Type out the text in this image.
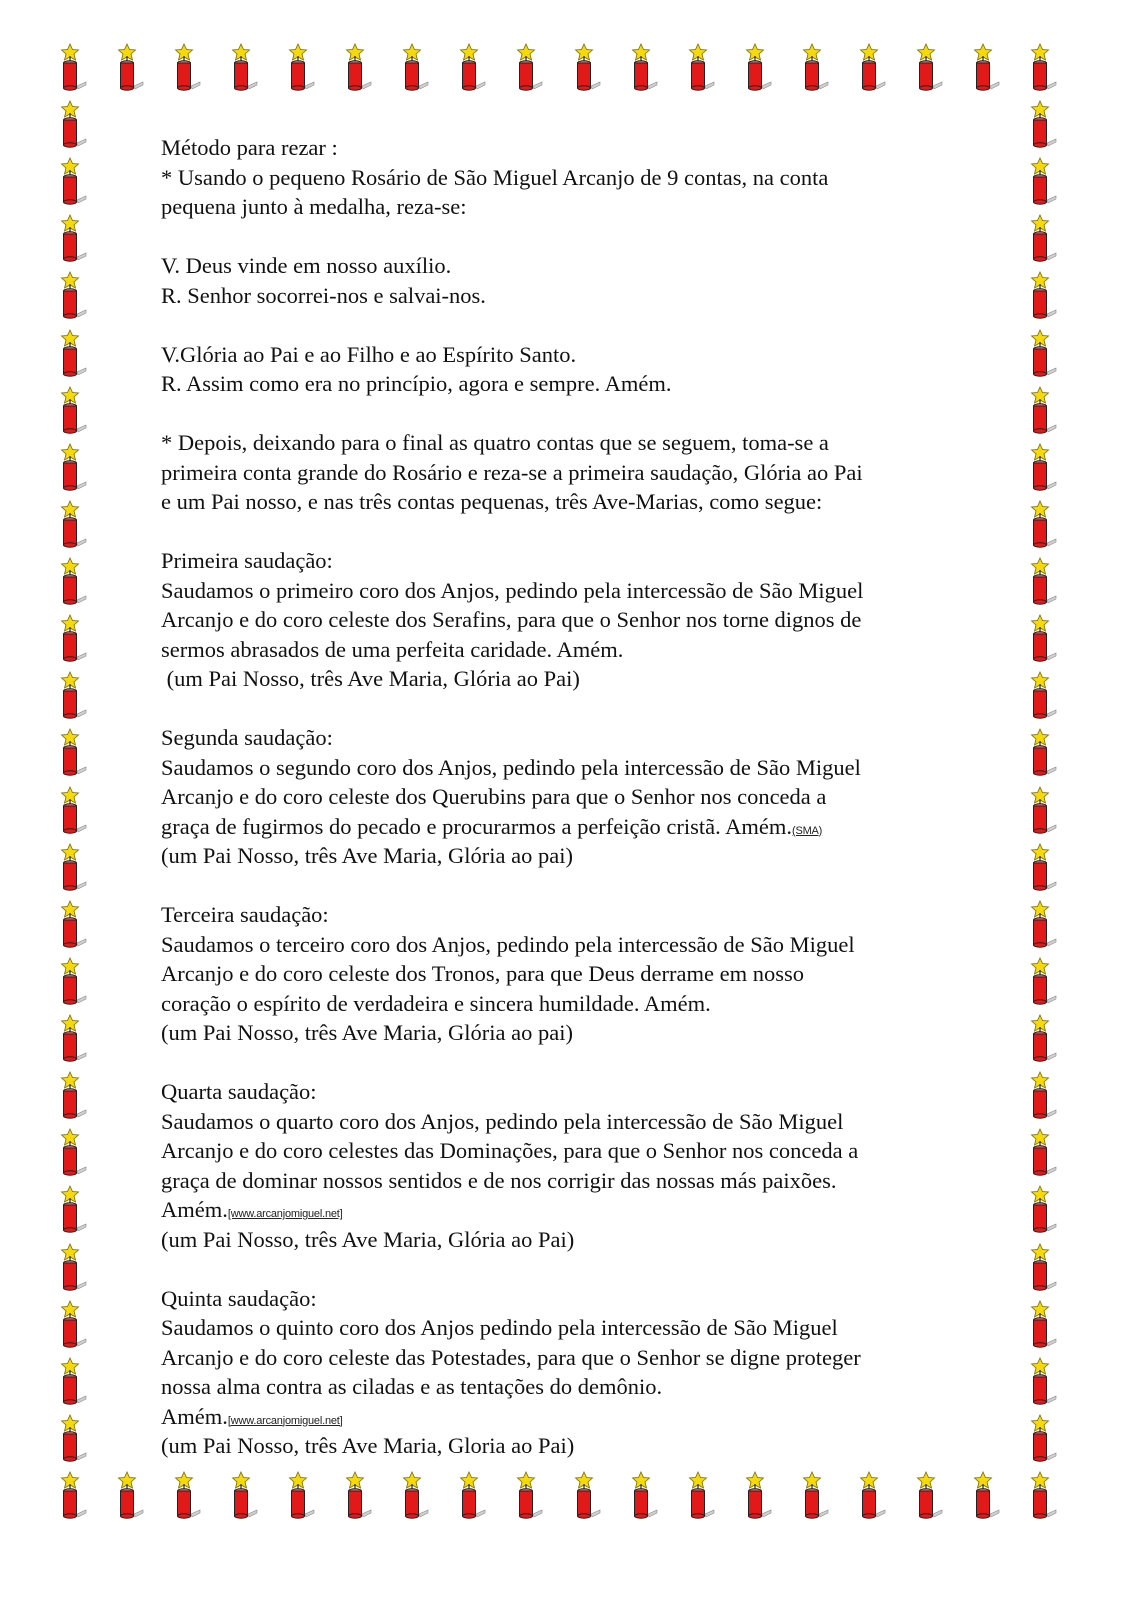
Método para rezar :
* Usando o pequeno Rosário de São Miguel Arcanjo de 9 contas, na conta
pequena junto à medalha, reza-se:
V. Deus vinde em nosso auxílio.
R. Senhor socorrei-nos e salvai-nos.
V.Glória ao Pai e ao Filho e ao Espírito Santo.
R. Assim como era no princípio, agora e sempre. Amém.
* Depois, deixando para o final as quatro contas que se seguem, toma-se a
primeira conta grande do Rosário e reza-se a primeira saudação, Glória ao Pai
e um Pai nosso, e nas três contas pequenas, três Ave-Marias, como segue:
Primeira saudação:
Saudamos o primeiro coro dos Anjos, pedindo pela intercessão de São Miguel
Arcanjo e do coro celeste dos Serafins, para que o Senhor nos torne dignos de
sermos abrasados de uma perfeita caridade. Amém.
(um Pai Nosso, três Ave Maria, Glória ao Pai)
Segunda saudação:
Saudamos o segundo coro dos Anjos, pedindo pela intercessão de São Miguel
Arcanjo e do coro celeste dos Querubins para que o Senhor nos conceda a
graça de fugirmos do pecado e procurarmos a perfeição cristã. Amém.(SMA)
(um Pai Nosso, três Ave Maria, Glória ao pai)
Terceira saudação:
Saudamos o terceiro coro dos Anjos, pedindo pela intercessão de São Miguel
Arcanjo e do coro celeste dos Tronos, para que Deus derrame em nosso
coração o espírito de verdadeira e sincera humildade. Amém.
(um Pai Nosso, três Ave Maria, Glória ao pai)
Quarta saudação:
Saudamos o quarto coro dos Anjos, pedindo pela intercessão de São Miguel
Arcanjo e do coro celestes das Dominações, para que o Senhor nos conceda a
graça de dominar nossos sentidos e de nos corrigir das nossas más paixões.
Amém.[www.arcanjomiguel.net]
(um Pai Nosso, três Ave Maria, Glória ao Pai)
Quinta saudação:
Saudamos o quinto coro dos Anjos pedindo pela intercessão de São Miguel
Arcanjo e do coro celeste das Potestades, para que o Senhor se digne proteger
nossa alma contra as ciladas e as tentações do demônio.
Amém.[www.arcanjomiguel.net]
(um Pai Nosso, três Ave Maria, Gloria ao Pai)
